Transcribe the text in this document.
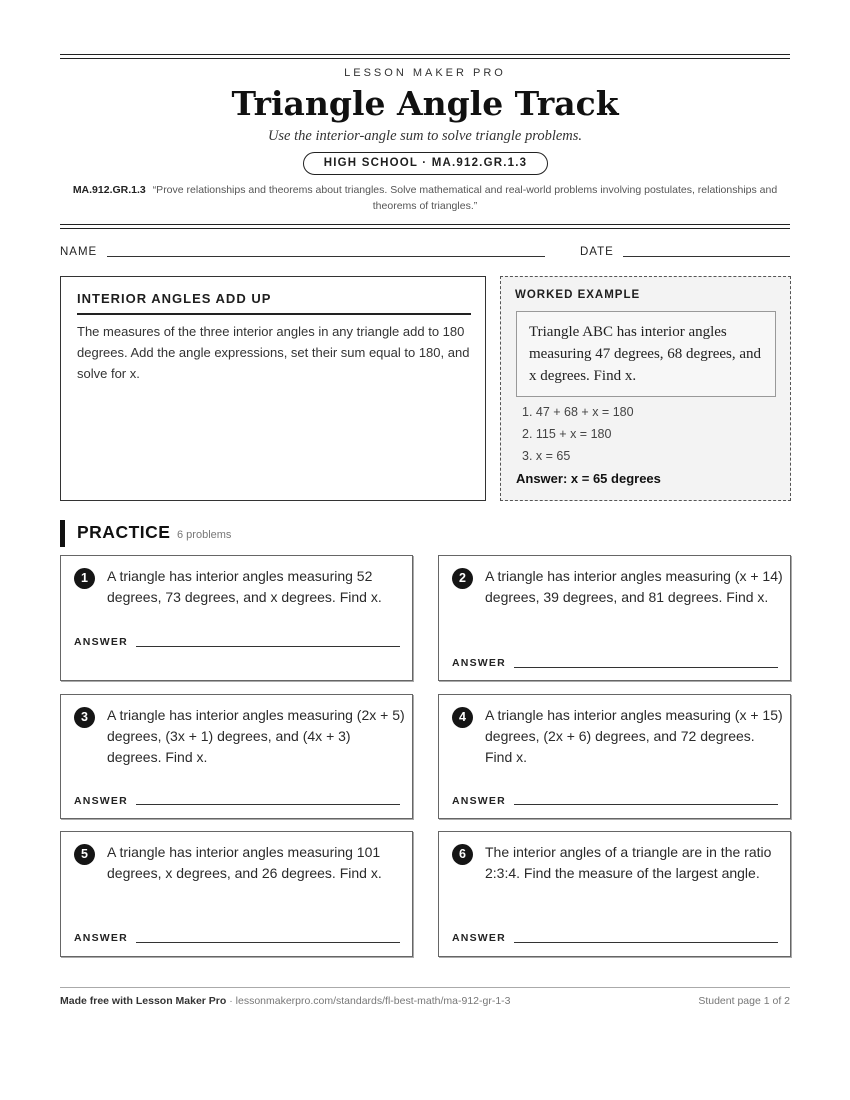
LESSON MAKER PRO
Triangle Angle Track
Use the interior-angle sum to solve triangle problems.
HIGH SCHOOL · MA.912.GR.1.3
MA.912.GR.1.3 “Prove relationships and theorems about triangles. Solve mathematical and real-world problems involving postulates, relationships and theorems of triangles.”
NAME	DATE
INTERIOR ANGLES ADD UP
The measures of the three interior angles in any triangle add to 180 degrees. Add the angle expressions, set their sum equal to 180, and solve for x.
WORKED EXAMPLE
Triangle ABC has interior angles measuring 47 degrees, 68 degrees, and x degrees. Find x.
1. 47 + 68 + x = 180
2. 115 + x = 180
3. x = 65
Answer: x = 65 degrees
PRACTICE 6 problems
1	A triangle has interior angles measuring 52 degrees, 73 degrees, and x degrees. Find x.
ANSWER
2	A triangle has interior angles measuring (x + 14) degrees, 39 degrees, and 81 degrees. Find x.
ANSWER
3	A triangle has interior angles measuring (2x + 5) degrees, (3x + 1) degrees, and (4x + 3) degrees. Find x.
ANSWER
4	A triangle has interior angles measuring (x + 15) degrees, (2x + 6) degrees, and 72 degrees. Find x.
ANSWER
5	A triangle has interior angles measuring 101 degrees, x degrees, and 26 degrees. Find x.
ANSWER
6	The interior angles of a triangle are in the ratio 2:3:4. Find the measure of the largest angle.
ANSWER
Made free with Lesson Maker Pro · lessonmakerpro.com/standards/fl-best-math/ma-912-gr-1-3	Student page 1 of 2
